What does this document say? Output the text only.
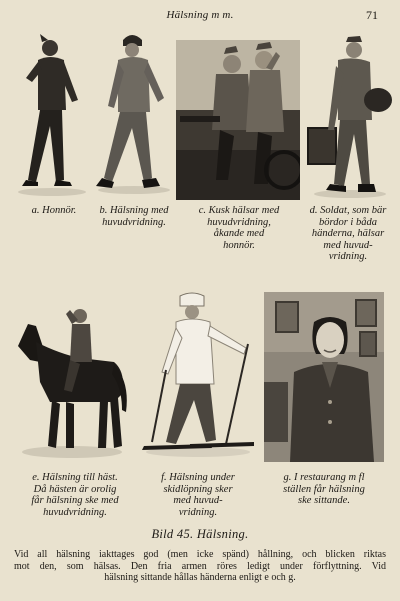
Hälsning m m.	71
a. Honnör.	b. Hälsning med
huvudvridning.
c. Kusk hälsar med
huvudvridning,
åkande med
honnör.
d. Soldat, som bär
bördor i båda
händerna, hälsar
med huvud-
vridning.
e. Hälsning till häst.
Då hästen är orolig
får hälsning ske med
huvudvridning.
f. Hälsning under
skidlöpning sker
med huvud-
vridning.
g. I restaurang m fl
ställen får hälsning
ske sittande.
Bild 45. Hälsning.
Vid all hälsning iakttages god (men icke spänd) hållning, och blicken riktas
mot den, som hälsas. Den fria armen röres ledigt under förflyttning. Vid
hälsning sittande hållas händerna enligt e och g.
